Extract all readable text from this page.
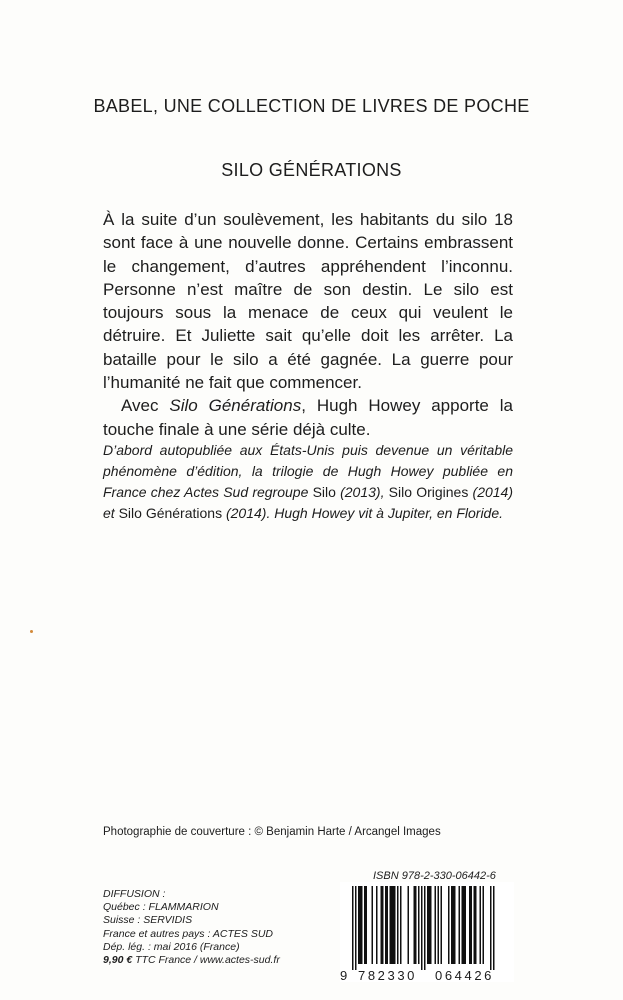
BABEL, UNE COLLECTION DE LIVRES DE POCHE
SILO GÉNÉRATIONS

À la suite d’un soulèvement, les habitants du silo 18 sont face à une nouvelle donne. Certains embrassent le changement, d’autres appréhendent l’inconnu. Personne n’est maître de son destin. Le silo est toujours sous la menace de ceux qui veulent le détruire. Et Juliette sait qu’elle doit les arrêter. La bataille pour le silo a été gagnée. La guerre pour l’humanité ne fait que commencer.

Avec Silo Générations, Hugh Howey apporte la touche finale à une série déjà culte.

D’abord autopubliée aux États-Unis puis devenue un véritable phénomène d’édition, la trilogie de Hugh Howey publiée en France chez Actes Sud regroupe Silo (2013), Silo Origines (2014) et Silo Générations (2014). Hugh Howey vit à Jupiter, en Floride.
Photographie de couverture : © Benjamin Harte / Arcangel Images
ISBN 978-2-330-06442-6
DIFFUSION :
Québec : FLAMMARION
Suisse : SERVIDIS
France et autres pays : ACTES SUD
Dép. lég. : mai 2016 (France)
9,90 € TTC France / www.actes-sud.fr
9 782330 064426
